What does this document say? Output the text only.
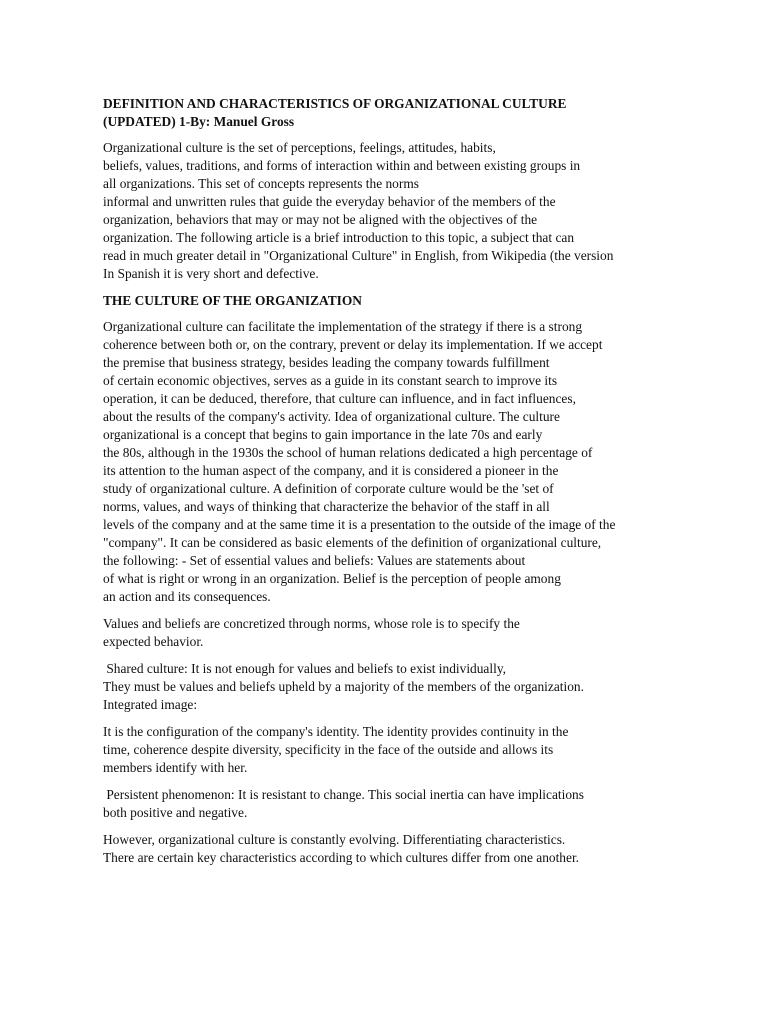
DEFINITION AND CHARACTERISTICS OF ORGANIZATIONAL CULTURE
(UPDATED) 1-By: Manuel Gross
Organizational culture is the set of perceptions, feelings, attitudes, habits,
beliefs, values, traditions, and forms of interaction within and between existing groups in
all organizations. This set of concepts represents the norms
informal and unwritten rules that guide the everyday behavior of the members of the
organization, behaviors that may or may not be aligned with the objectives of the
organization. The following article is a brief introduction to this topic, a subject that can
read in much greater detail in "Organizational Culture" in English, from Wikipedia (the version
In Spanish it is very short and defective.
THE CULTURE OF THE ORGANIZATION
Organizational culture can facilitate the implementation of the strategy if there is a strong
coherence between both or, on the contrary, prevent or delay its implementation. If we accept
the premise that business strategy, besides leading the company towards fulfillment
of certain economic objectives, serves as a guide in its constant search to improve its
operation, it can be deduced, therefore, that culture can influence, and in fact influences,
about the results of the company's activity. Idea of organizational culture. The culture
organizational is a concept that begins to gain importance in the late 70s and early
the 80s, although in the 1930s the school of human relations dedicated a high percentage of
its attention to the human aspect of the company, and it is considered a pioneer in the
study of organizational culture. A definition of corporate culture would be the 'set of
norms, values, and ways of thinking that characterize the behavior of the staff in all
levels of the company and at the same time it is a presentation to the outside of the image of the
"company". It can be considered as basic elements of the definition of organizational culture,
the following: - Set of essential values and beliefs: Values are statements about
of what is right or wrong in an organization. Belief is the perception of people among
an action and its consequences.
Values and beliefs are concretized through norms, whose role is to specify the
expected behavior.
Shared culture: It is not enough for values and beliefs to exist individually,
They must be values and beliefs upheld by a majority of the members of the organization.
Integrated image:
It is the configuration of the company's identity. The identity provides continuity in the
time, coherence despite diversity, specificity in the face of the outside and allows its
members identify with her.
Persistent phenomenon: It is resistant to change. This social inertia can have implications
both positive and negative.
However, organizational culture is constantly evolving. Differentiating characteristics.
There are certain key characteristics according to which cultures differ from one another.
